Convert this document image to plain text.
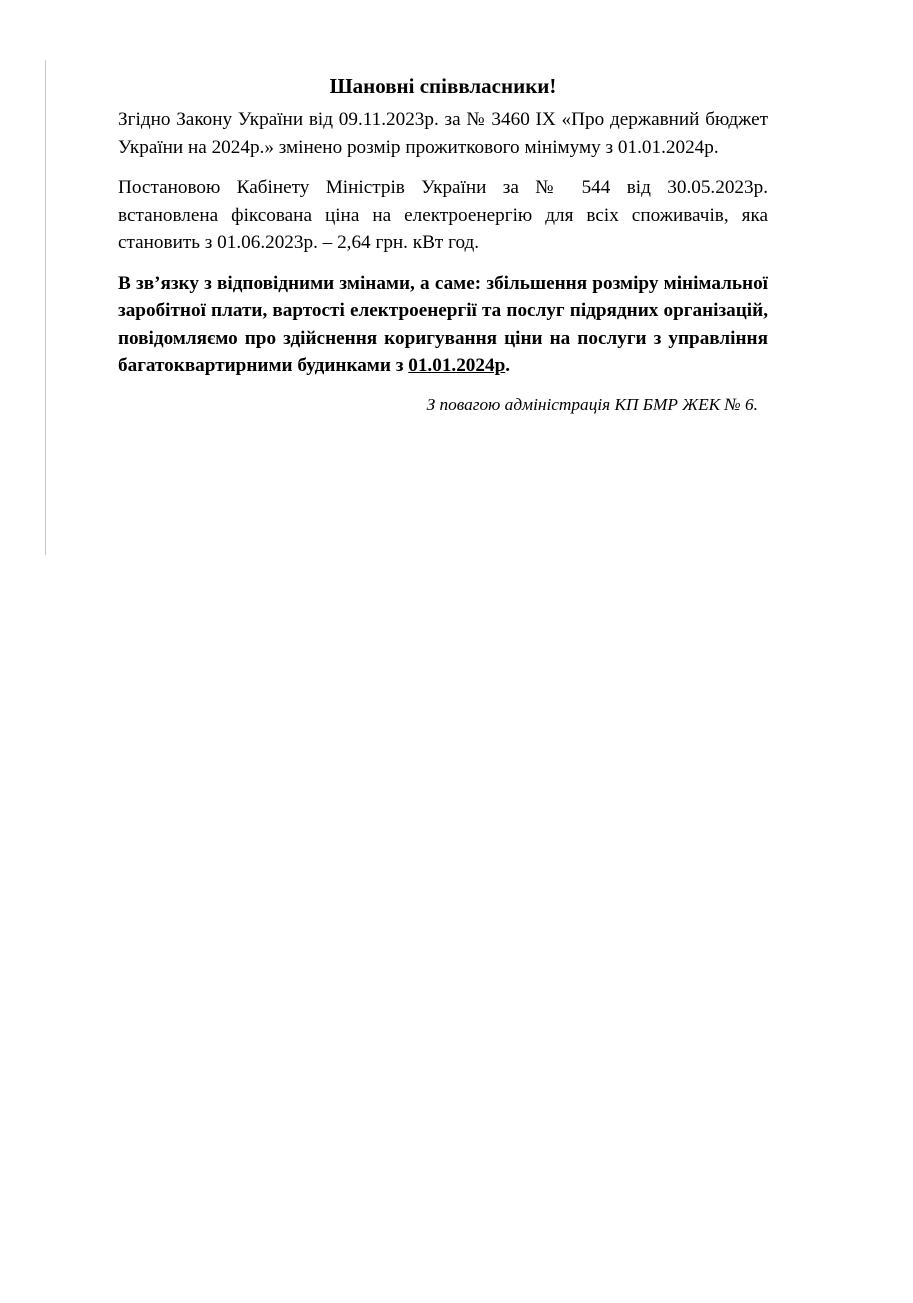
Шановні співвласники!

Згідно Закону України від 09.11.2023р. за № 3460 IX «Про державний бюджет України на 2024р.» змінено розмір прожиткового мінімуму з 01.01.2024р.

Постановою Кабінету Міністрів України за № 544 від 30.05.2023р. встановлена фіксована ціна на електроенергію для всіх споживачів, яка становить з 01.06.2023р. – 2,64 грн. кВт год.

В зв’язку з відповідними змінами, а саме: збільшення розміру мінімальної заробітної плати, вартості електроенергії та послуг підрядних організацій, повідомляємо про здійснення коригування ціни на послуги з управління багатоквартирними будинками з 01.01.2024р.

З повагою адміністрація КП БМР ЖЕК № 6.
